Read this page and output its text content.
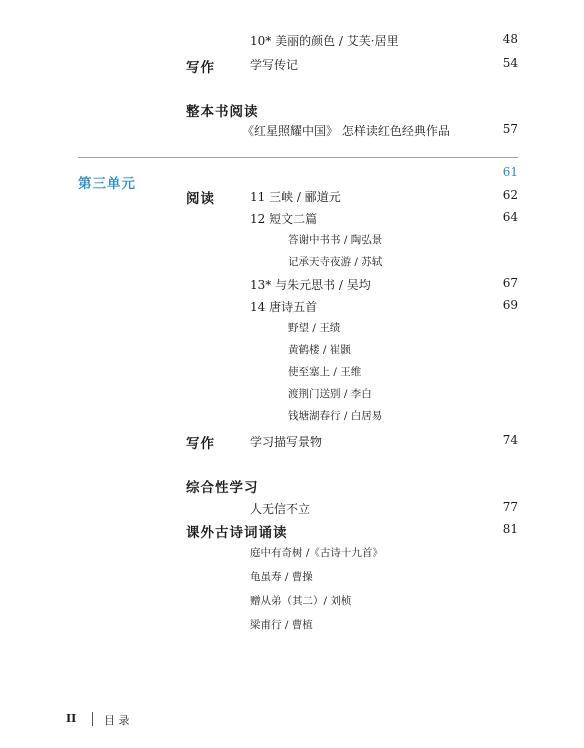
10* 美丽的颜色 / 艾芙·居里	48
写作	学写传记	54
整本书阅读
《红星照耀中国》 怎样读红色经典作品	57
第三单元
61
阅读	11 三峡 / 郦道元	62
12 短文二篇	64
答谢中书书 / 陶弘景
记承天寺夜游 / 苏轼
13* 与朱元思书 / 吴均	67
14 唐诗五首	69
野望 / 王绩
黄鹤楼 / 崔颢
使至塞上 / 王维
渡荆门送别 / 李白
钱塘湖春行 / 白居易
写作	学习描写景物	74
综合性学习
人无信不立	77
课外古诗词诵读	81
庭中有奇树 /《古诗十九首》
龟虽寿 / 曹操
赠从弟（其二）/ 刘桢
梁甫行 / 曹植
II	目 录
